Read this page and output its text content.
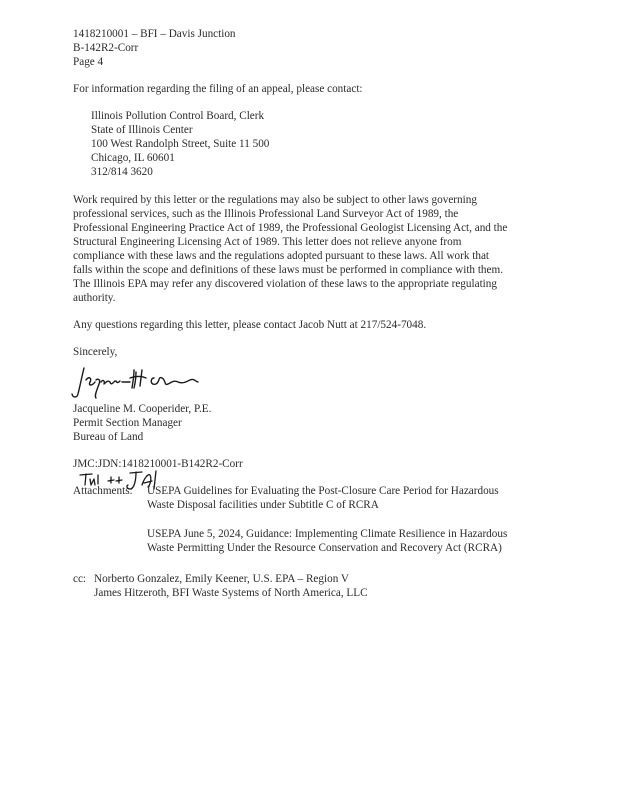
1418210001 – BFI – Davis Junction
B-142R2-Corr
Page 4
For information regarding the filing of an appeal, please contact:
Illinois Pollution Control Board, Clerk
State of Illinois Center
100 West Randolph Street, Suite 11 500
Chicago, IL 60601
312/814 3620

Work required by this letter or the regulations may also be subject to other laws governing

professional services, such as the Illinois Professional Land Surveyor Act of 1989, the

Professional Engineering Practice Act of 1989, the Professional Geologist Licensing Act, and the

Structural Engineering Licensing Act of 1989. This letter does not relieve anyone from

compliance with these laws and the regulations adopted pursuant to these laws. All work that

falls within the scope and definitions of these laws must be performed in compliance with them.

The Illinois EPA may refer any discovered violation of these laws to the appropriate regulating

authority.

Any questions regarding this letter, please contact Jacob Nutt at 217/524-7048.
Sincerely,
Jacqueline M. Cooperider, P.E.
Permit Section Manager
Bureau of Land
JMC:JDN:1418210001-B142R2-Corr
Attachments: USEPA Guidelines for Evaluating the Post-Closure Care Period for Hazardous
Waste Disposal facilities under Subtitle C of RCRA
USEPA June 5, 2024, Guidance: Implementing Climate Resilience in Hazardous
Waste Permitting Under the Resource Conservation and Recovery Act (RCRA)
cc: Norberto Gonzalez, Emily Keener, U.S. EPA – Region V
James Hitzeroth, BFI Waste Systems of North America, LLC
